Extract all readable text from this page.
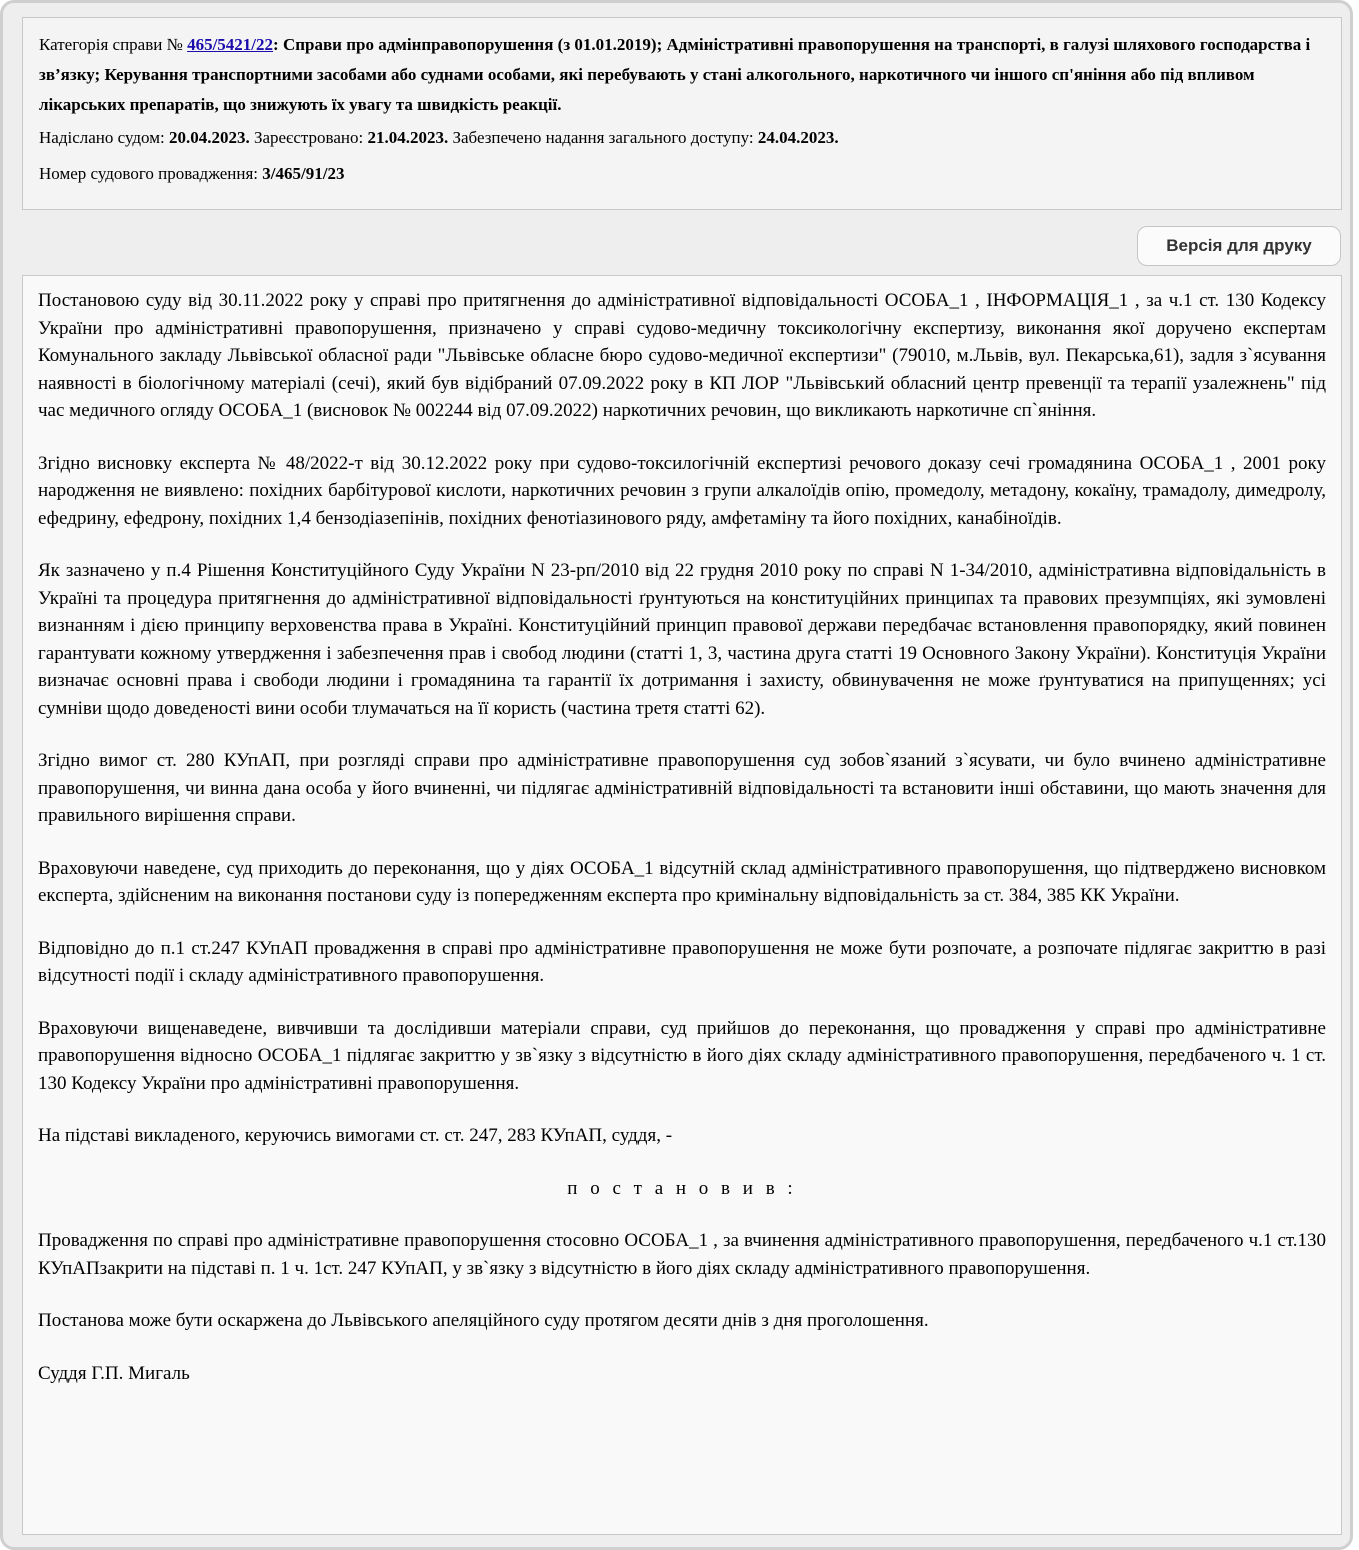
Категорія справи № 465/5421/22: Справи про адмінправопорушення (з 01.01.2019); Адміністративні правопорушення на транспорті, в галузі шляхового господарства і зв’язку; Керування транспортними засобами або суднами особами, які перебувають у стані алкогольного, наркотичного чи іншого сп'яніння або під впливом лікарських препаратів, що знижують їх увагу та швидкість реакції.

Надіслано судом: 20.04.2023. Зареєстровано: 21.04.2023. Забезпечено надання загального доступу: 24.04.2023.

Номер судового провадження: 3/465/91/23

Версія для друку

Постановою суду від 30.11.2022 року у справі про притягнення до адміністративної відповідальності ОСОБА_1 , ІНФОРМАЦІЯ_1 , за ч.1 ст. 130 Кодексу України про адміністративні правопорушення, призначено у справі судово-медичну токсикологічну експертизу, виконання якої доручено експертам Комунального закладу Львівської обласної ради "Львівське обласне бюро судово-медичної експертизи" (79010, м.Львів, вул. Пекарська,61), задля з`ясування наявності в біологічному матеріалі (сечі), який був відібраний 07.09.2022 року в КП ЛОР "Львівський обласний центр превенції та терапії узалежнень" під час медичного огляду ОСОБА_1 (висновок № 002244 від 07.09.2022) наркотичних речовин, що викликають наркотичне сп`яніння.

Згідно висновку експерта № 48/2022-т від 30.12.2022 року при судово-токсилогічній експертизі речового доказу сечі громадянина ОСОБА_1 , 2001 року народження не виявлено: похідних барбітурової кислоти, наркотичних речовин з групи алкалоїдів опію, промедолу, метадону, кокаїну, трамадолу, димедролу, ефедрину, ефедрону, похідних 1,4 бензодіазепінів, похідних фенотіазинового ряду, амфетаміну та його похідних, канабіноїдів.

Як зазначено у п.4 Рішення Конституційного Суду України N 23-рп/2010 від 22 грудня 2010 року по справі N 1-34/2010, адміністративна відповідальність в Україні та процедура притягнення до адміністративної відповідальності ґрунтуються на конституційних принципах та правових презумпціях, які зумовлені визнанням і дією принципу верховенства права в Україні. Конституційний принцип правової держави передбачає встановлення правопорядку, який повинен гарантувати кожному утвердження і забезпечення прав і свобод людини (статті 1, 3, частина друга статті 19 Основного Закону України). Конституція України визначає основні права і свободи людини і громадянина та гарантії їх дотримання і захисту, обвинувачення не може ґрунтуватися на припущеннях; усі сумніви щодо доведеності вини особи тлумачаться на її користь (частина третя статті 62).

Згідно вимог ст. 280 КУпАП, при розгляді справи про адміністративне правопорушення суд зобов`язаний з`ясувати, чи було вчинено адміністративне правопорушення, чи винна дана особа у його вчиненні, чи підлягає адміністративній відповідальності та встановити інші обставини, що мають значення для правильного вирішення справи.

Враховуючи наведене, суд приходить до переконання, що у діях ОСОБА_1 відсутній склад адміністративного правопорушення, що підтверджено висновком експерта, здійсненим на виконання постанови суду із попередженням експерта про кримінальну відповідальність за ст. 384, 385 КК України.

Відповідно до п.1 ст.247 КУпАП провадження в справі про адміністративне правопорушення не може бути розпочате, а розпочате підлягає закриттю в разі відсутності події і складу адміністративного правопорушення.

Враховуючи вищенаведене, вивчивши та дослідивши матеріали справи, суд прийшов до переконання, що провадження у справі про адміністративне правопорушення відносно ОСОБА_1 підлягає закриттю у зв`язку з відсутністю в його діях складу адміністративного правопорушення, передбаченого ч. 1 ст. 130 Кодексу України про адміністративні правопорушення.

На підставі викладеного, керуючись вимогами ст. ст. 247, 283 КУпАП, суддя, -

п о с т а н о в и в :

Провадження по справі про адміністративне правопорушення стосовно ОСОБА_1 , за вчинення адміністративного правопорушення, передбаченого ч.1 ст.130 КУпАПзакрити на підставі п. 1 ч. 1ст. 247 КУпАП, у зв`язку з відсутністю в його діях складу адміністративного правопорушення.

Постанова може бути оскаржена до Львівського апеляційного суду протягом десяти днів з дня проголошення.

Суддя Г.П. Мигаль
